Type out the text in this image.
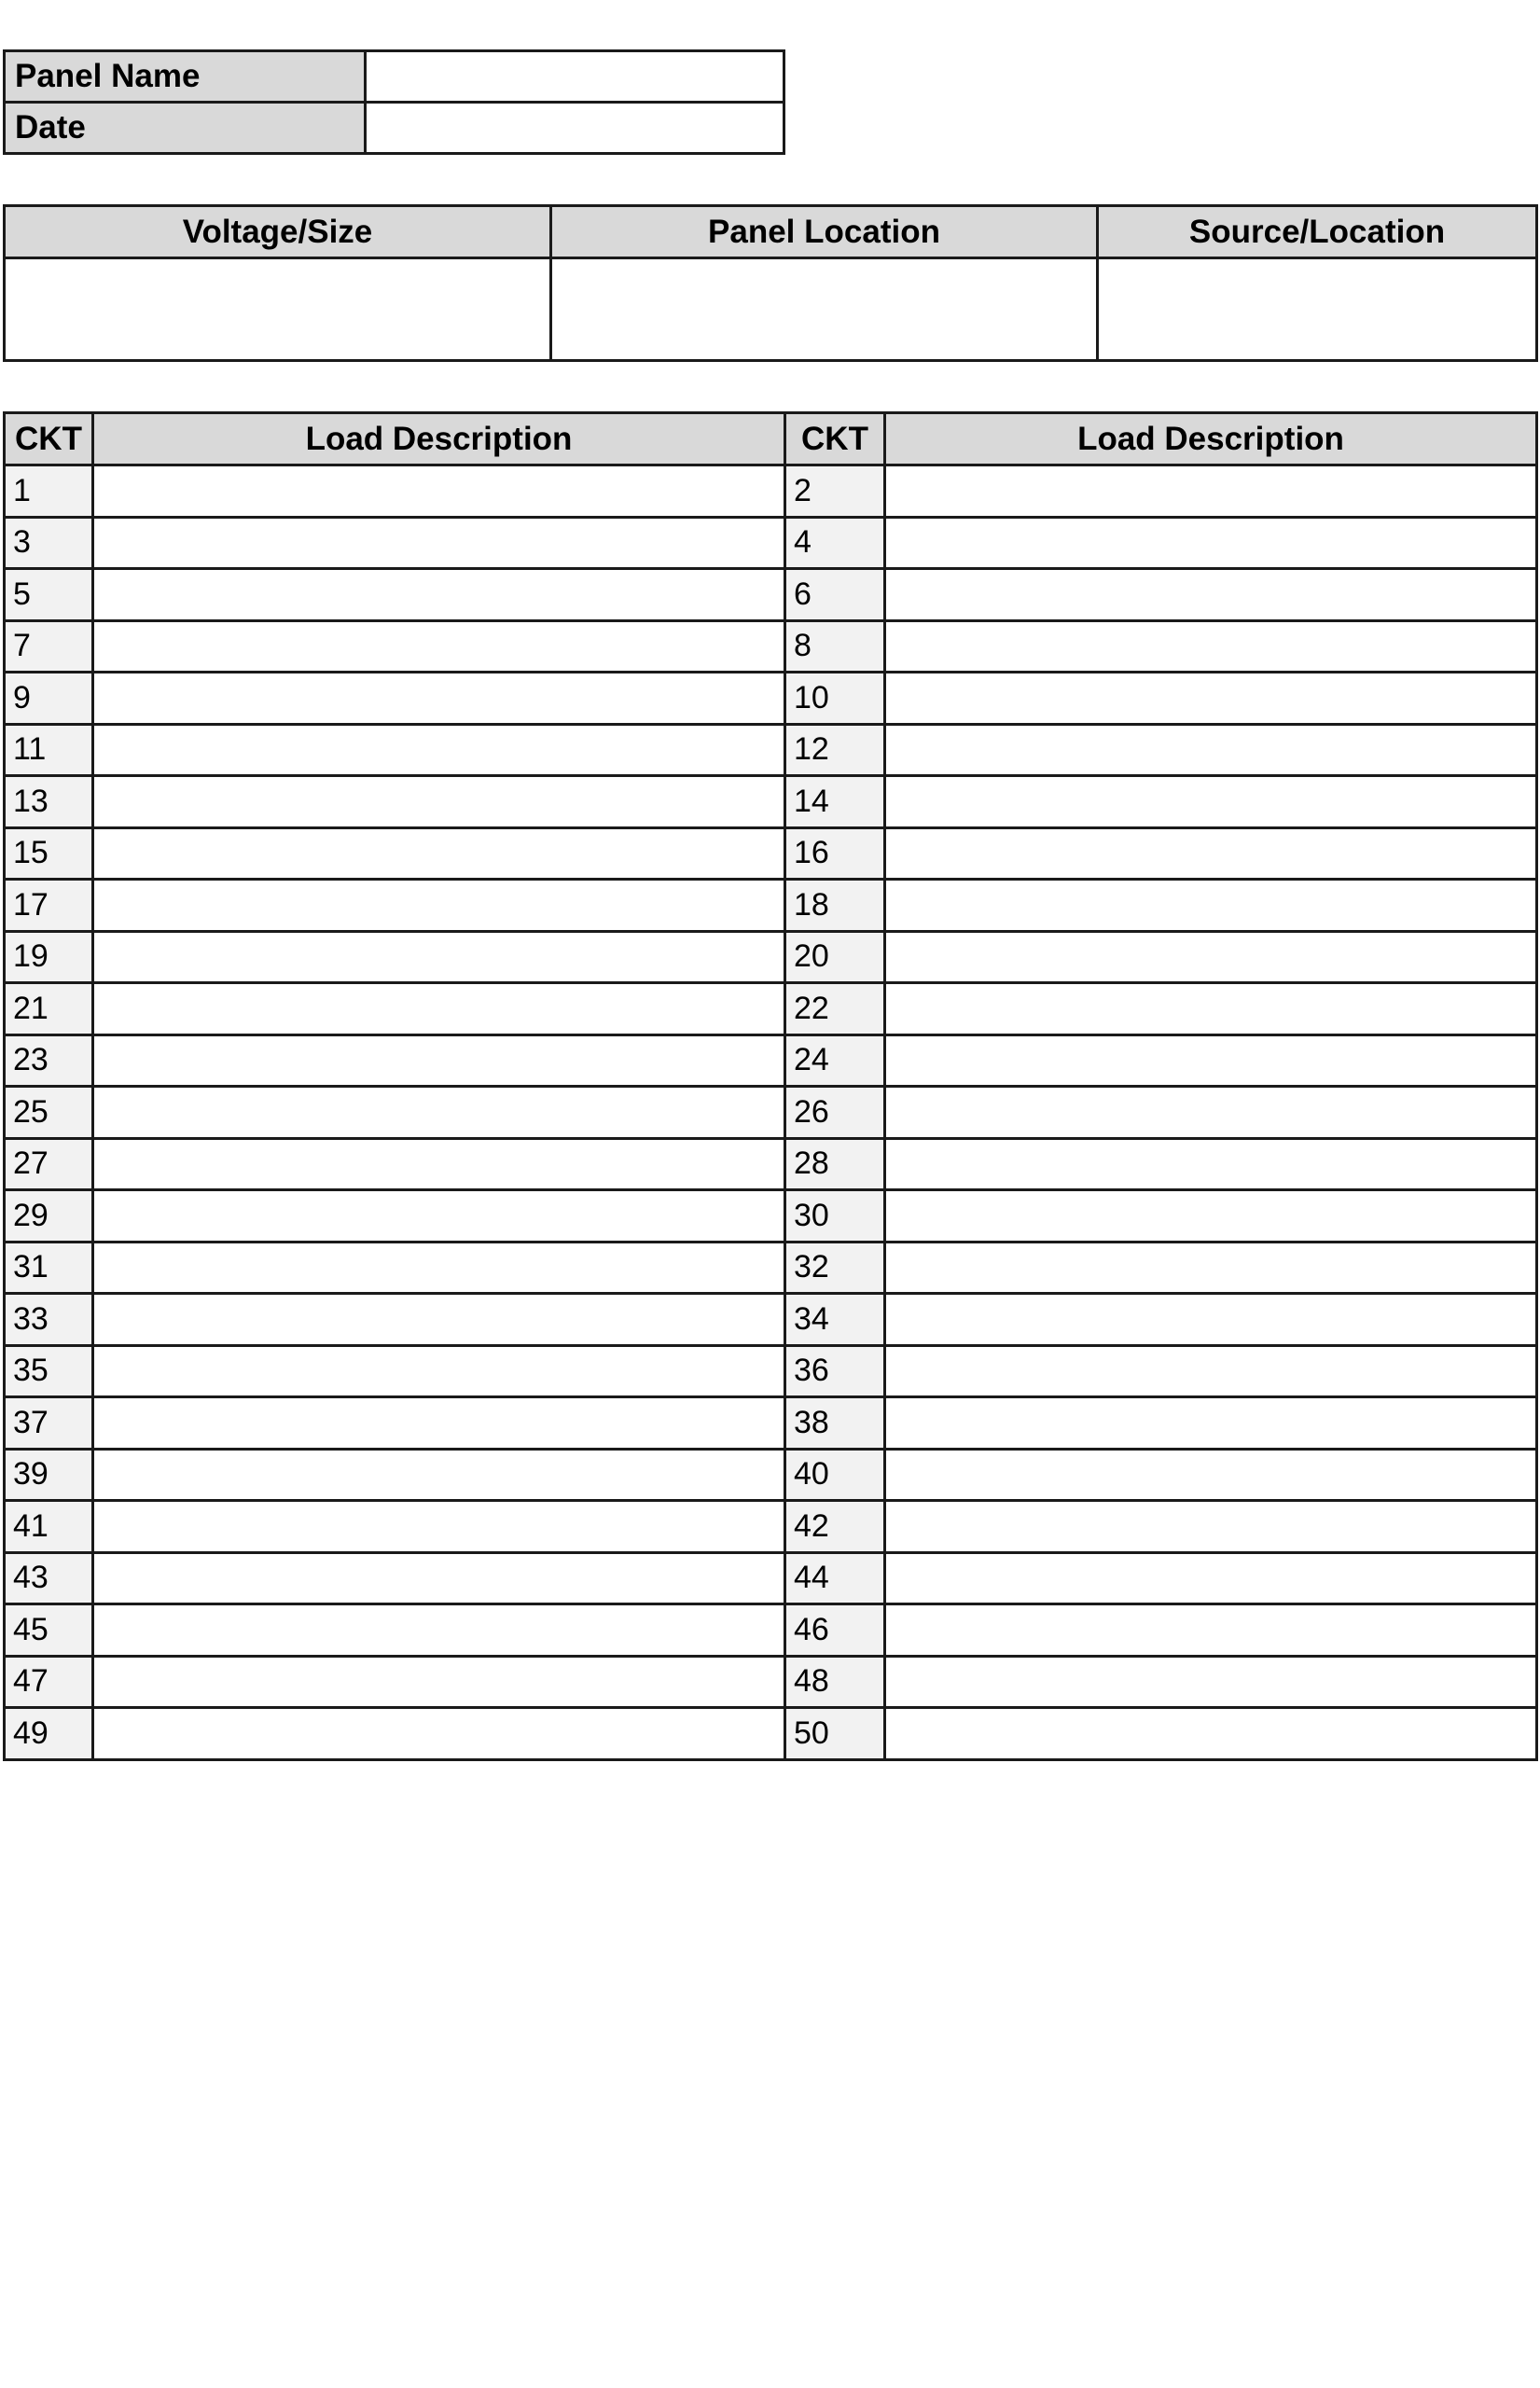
Panel Name	
Date	
Voltage/Size	Panel Location	Source/Location

CKT	Load Description	CKT	Load Description
1		2	
3		4	
5		6	
7		8	
9		10	
11		12	
13		14	
15		16	
17		18	
19		20	
21		22	
23		24	
25		26	
27		28	
29		30	
31		32	
33		34	
35		36	
37		38	
39		40	
41		42	
43		44	
45		46	
47		48	
49		50	
